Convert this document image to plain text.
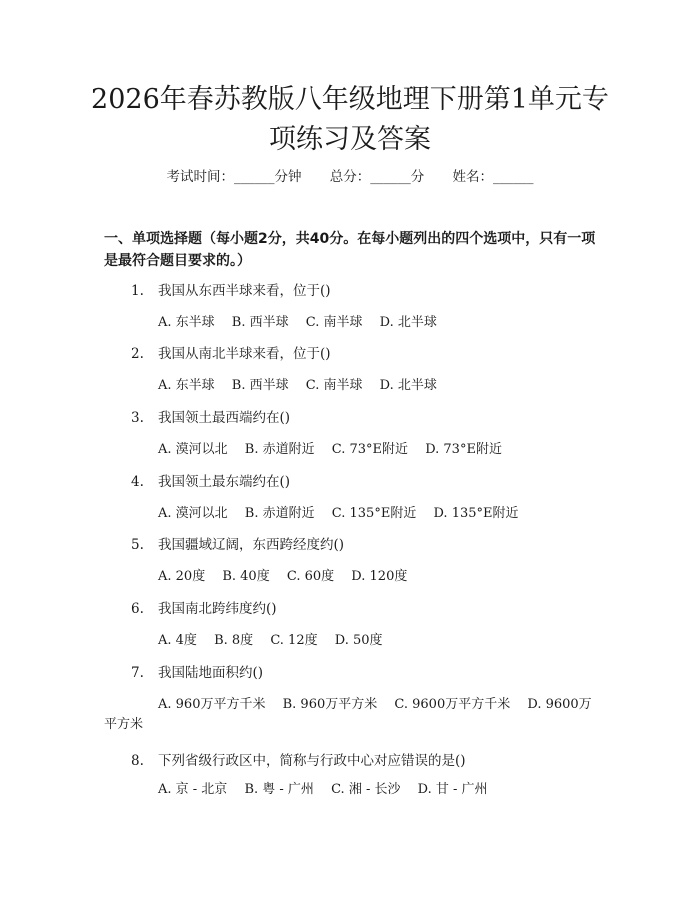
2026年春苏教版八年级地理下册第1单元专
项练习及答案
考试时间：______分钟 总分：______分 姓名：______
一、单项选择题（每小题2分，共40分。在每小题列出的四个选项中，只有一项
是最符合题目要求的。）
1. 我国从东西半球来看，位于()
A. 东半球 B. 西半球 C. 南半球 D. 北半球
2. 我国从南北半球来看，位于()
A. 东半球 B. 西半球 C. 南半球 D. 北半球
3. 我国领土最西端约在()
A. 漠河以北 B. 赤道附近 C. 73°E附近 D. 73°E附近
4. 我国领土最东端约在()
A. 漠河以北 B. 赤道附近 C. 135°E附近 D. 135°E附近
5. 我国疆域辽阔，东西跨经度约()
A. 20度 B. 40度 C. 60度 D. 120度
6. 我国南北跨纬度约()
A. 4度 B. 8度 C. 12度 D. 50度
7. 我国陆地面积约()
A. 960万平方千米 B. 960万平方米 C. 9600万平方千米 D. 9600万平方米
8. 下列省级行政区中，简称与行政中心对应错误的是()
A. 京 - 北京 B. 粤 - 广州 C. 湘 - 长沙 D. 甘 - 广州
